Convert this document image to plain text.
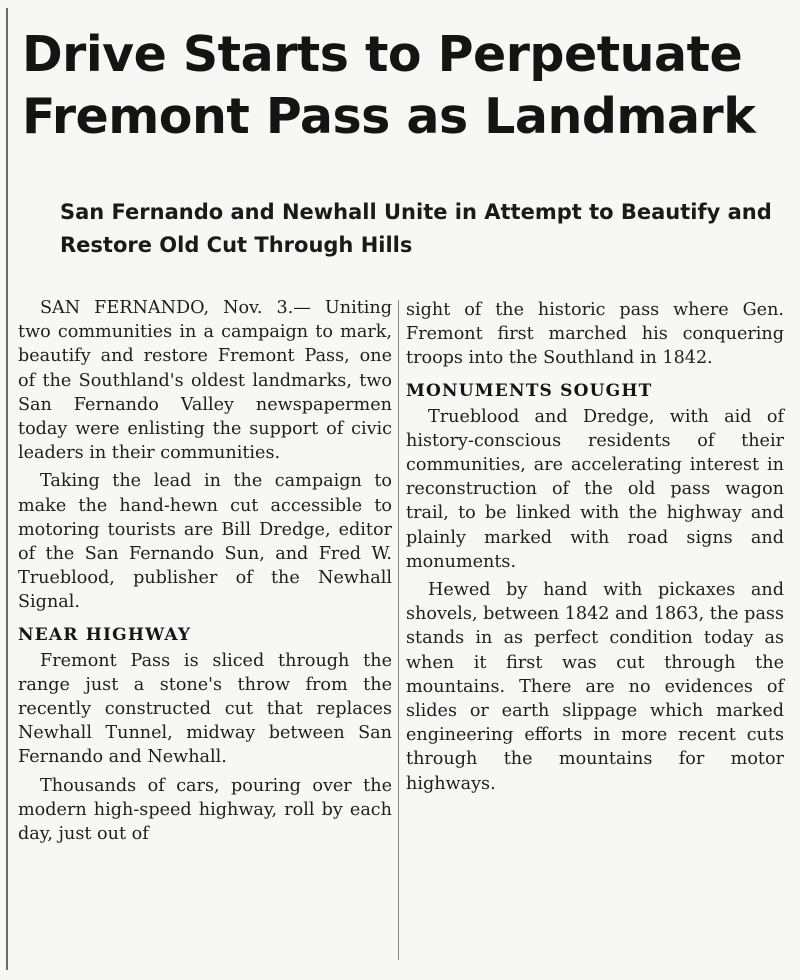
Drive Starts to Perpetuate Fremont Pass as Landmark
San Fernando and Newhall Unite in Attempt to Beautify and Restore Old Cut Through Hills

SAN FERNANDO, Nov. 3.— Uniting two communities in a campaign to mark, beautify and restore Fremont Pass, one of the Southland's oldest landmarks, two San Fernando Valley newspapermen today were enlisting the support of civic leaders in their communities.

Taking the lead in the campaign to make the hand-hewn cut accessible to motoring tourists are Bill Dredge, editor of the San Fernando Sun, and Fred W. Trueblood, publisher of the Newhall Signal.

NEAR HIGHWAY

Fremont Pass is sliced through the range just a stone's throw from the recently constructed cut that replaces Newhall Tunnel, midway between San Fernando and Newhall.

Thousands of cars, pouring over the modern high-speed highway, roll by each day, just out of

sight of the historic pass where Gen. Fremont first marched his conquering troops into the Southland in 1842.

MONUMENTS SOUGHT

Trueblood and Dredge, with aid of history-conscious residents of their communities, are accelerating interest in reconstruction of the old pass wagon trail, to be linked with the highway and plainly marked with road signs and monuments.

Hewed by hand with pickaxes and shovels, between 1842 and 1863, the pass stands in as perfect condition today as when it first was cut through the mountains. There are no evidences of slides or earth slippage which marked engineering efforts in more recent cuts through the mountains for motor highways.
